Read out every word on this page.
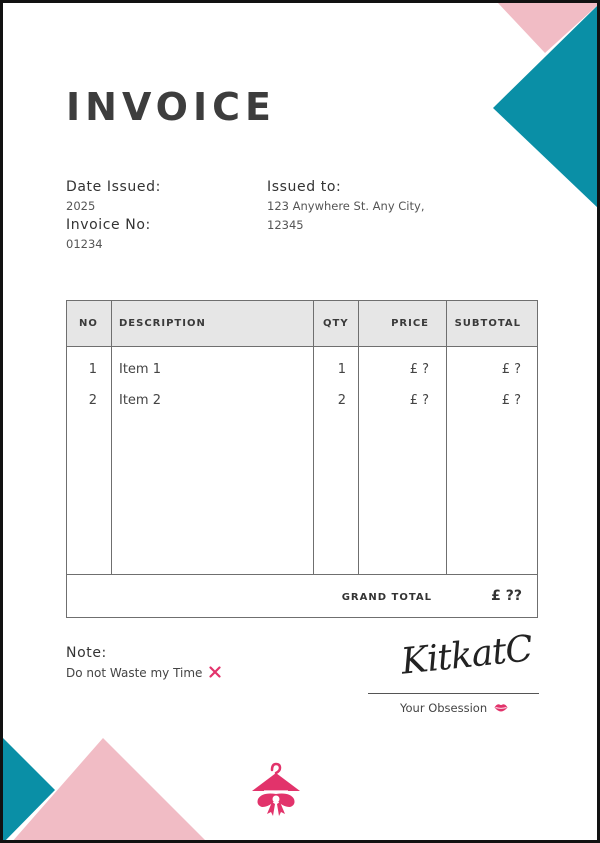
INVOICE
Date Issued:
2025
Invoice No:
01234
Issued to:
123 Anywhere St. Any City,
12345
NO DESCRIPTION	QTY	PRICE	SUBTOTAL
1 Item 1	1	£ ?	£ ?
2 Item 2	2	£ ?	£ ?
GRAND TOTAL	£ ??
Note:
Do not Waste my Time	KitkatC
Your Obsession
